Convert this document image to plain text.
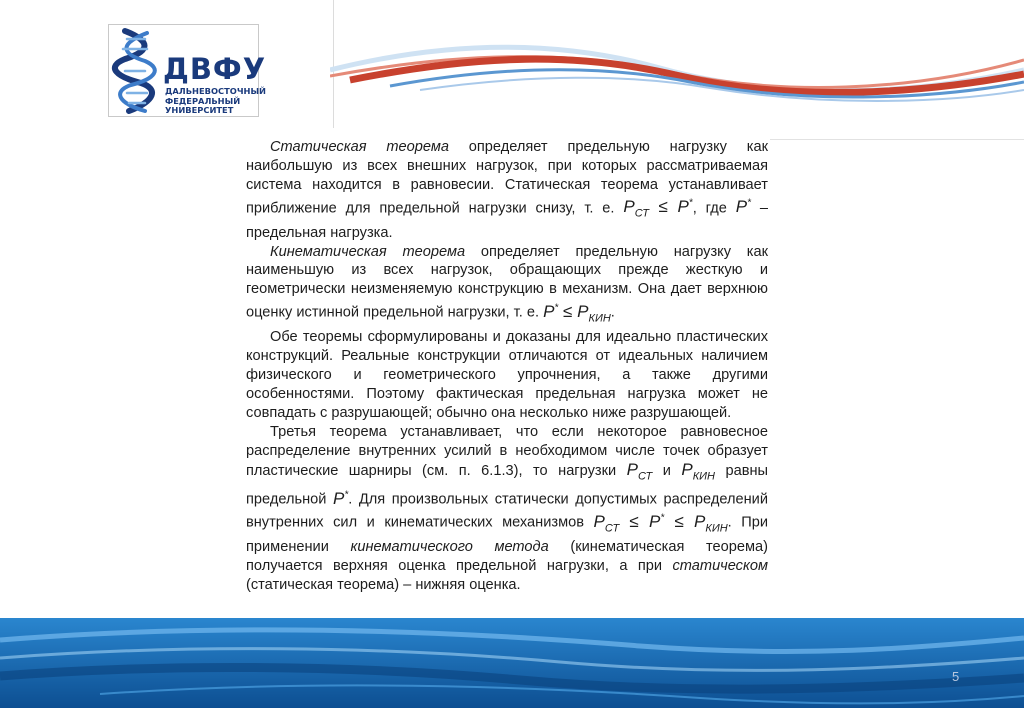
ДВФУ
ДАЛЬНЕВОСТОЧНЫЙ
ФЕДЕРАЛЬНЫЙ
УНИВЕРСИТЕТ

Статическая теорема определяет предельную нагрузку как наибольшую из всех внешних нагрузок, при которых рассматриваемая система находится в равновесии. Статическая теорема устанавливает приближение для предельной нагрузки снизу, т. е. $P_{СТ} \le P^*$, где P* – предельная нагрузка.

Кинематическая теорема определяет предельную нагрузку как наименьшую из всех нагрузок, обращающих прежде жесткую и геометрически неизменяемую конструкцию в механизм. Она дает верхнюю оценку истинной предельной нагрузки, т. е. $P^* \le P_{КИН}$.

Обе теоремы сформулированы и доказаны для идеально пластических конструкций. Реальные конструкции отличаются от идеальных наличием физического и геометрического упрочнения, а также другими особенностями. Поэтому фактическая предельная нагрузка может не совпадать с разрушающей; обычно она несколько ниже разрушающей.

Третья теорема устанавливает, что если некоторое равновесное распределение внутренних усилий в необходимом числе точек образует пластические шарниры (см. п. 6.1.3), то нагрузки $P_{СТ}$ и $P_{КИН}$ равны предельной P*. Для произвольных статически допустимых распределений внутренних сил и кинематических механизмов $P_{СТ} \le P^* \le P_{КИН}$. При применении кинематического метода (кинематическая теорема) получается верхняя оценка предельной нагрузки, а при статическом (статическая теорема) – нижняя оценка.

5
